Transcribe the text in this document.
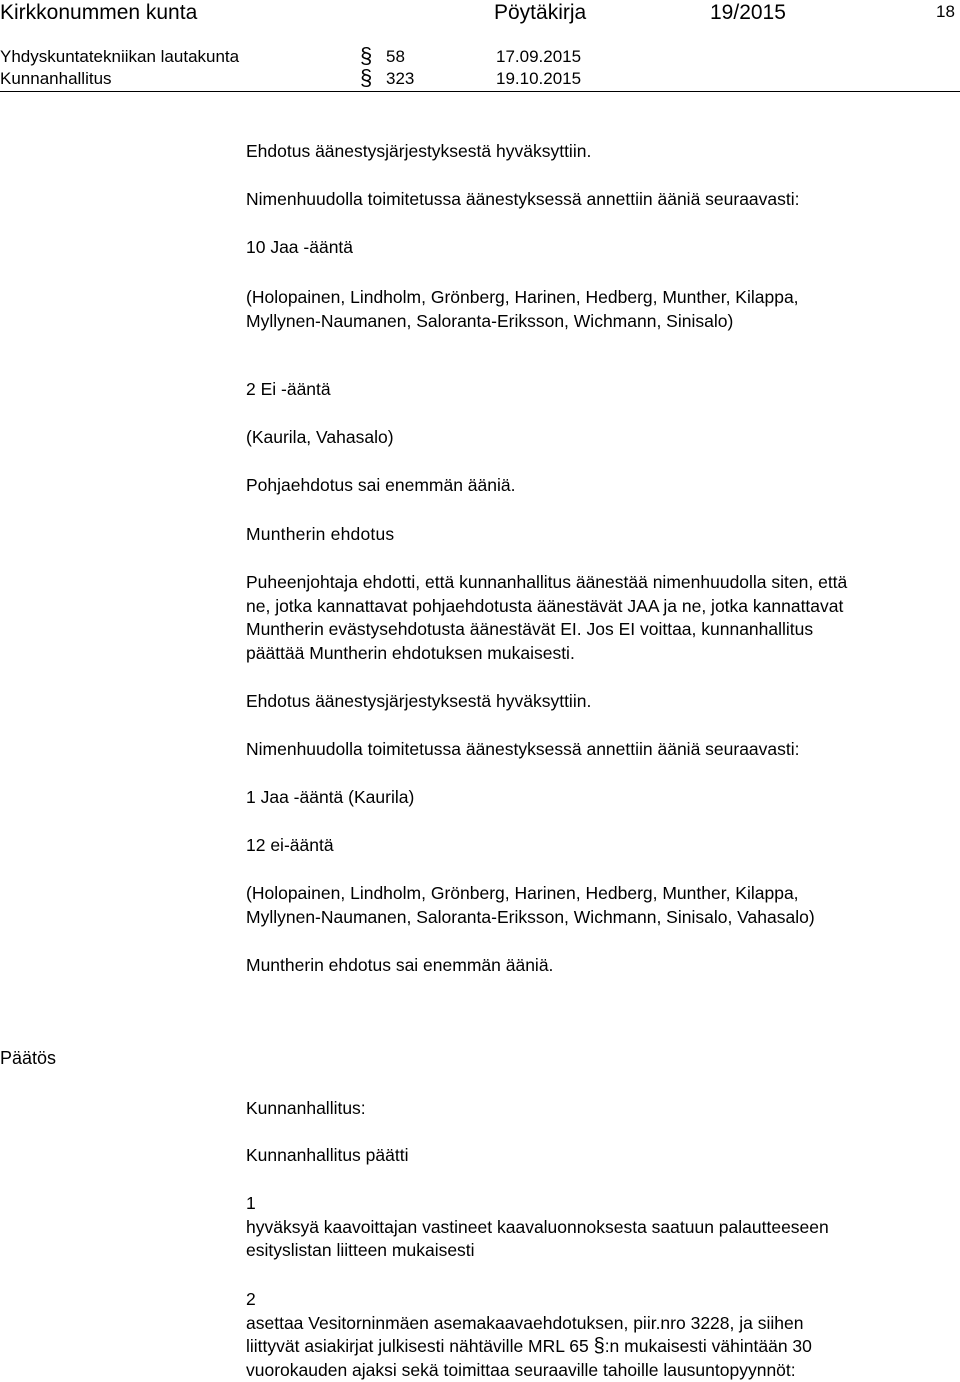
Kirkkonummen kunta	Pöytäkirja	19/2015	18
Yhdyskuntatekniikan lautakunta	§ 58	17.09.2015
Kunnanhallitus	§ 323	19.10.2015

Ehdotus äänestysjärjestyksestä hyväksyttiin.

Nimenhuudolla toimitetussa äänestyksessä annettiin ääniä seuraavasti:

10 Jaa -ääntä

(Holopainen, Lindholm, Grönberg, Harinen, Hedberg, Munther, Kilappa,

Myllynen-Naumanen, Saloranta-Eriksson, Wichmann, Sinisalo)

2 Ei -ääntä

(Kaurila, Vahasalo)

Pohjaehdotus sai enemmän ääniä.

Muntherin ehdotus

Puheenjohtaja ehdotti, että kunnanhallitus äänestää nimenhuudolla siten, että

ne, jotka kannattavat pohjaehdotusta äänestävät JAA ja ne, jotka kannattavat

Muntherin evästysehdotusta äänestävät EI. Jos EI voittaa, kunnanhallitus

päättää Muntherin ehdotuksen mukaisesti.

Ehdotus äänestysjärjestyksestä hyväksyttiin.

Nimenhuudolla toimitetussa äänestyksessä annettiin ääniä seuraavasti:

1 Jaa -ääntä (Kaurila)

12 ei-ääntä

(Holopainen, Lindholm, Grönberg, Harinen, Hedberg, Munther, Kilappa,

Myllynen-Naumanen, Saloranta-Eriksson, Wichmann, Sinisalo, Vahasalo)

Muntherin ehdotus sai enemmän ääniä.

Päätös

Kunnanhallitus:

Kunnanhallitus päätti

1

hyväksyä kaavoittajan vastineet kaavaluonnoksesta saatuun palautteeseen

esityslistan liitteen mukaisesti

2

asettaa Vesitorninmäen asemakaavaehdotuksen, piir.nro 3228, ja siihen

liittyvät asiakirjat julkisesti nähtäville MRL 65 §:n mukaisesti vähintään 30

vuorokauden ajaksi sekä toimittaa seuraaville tahoille lausuntopyynnöt:
